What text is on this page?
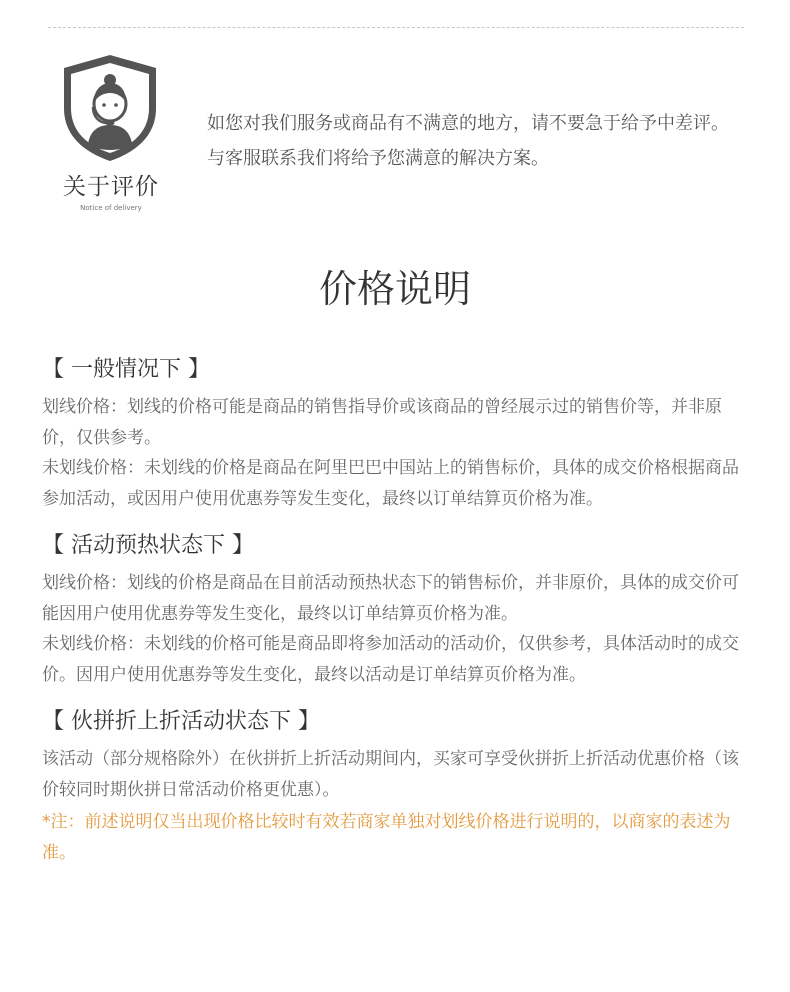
关于评价
Notice of delivery
如您对我们服务或商品有不满意的地方，请不要急于给予中差评。与客服联系我们将给予您满意的解决方案。
价格说明
【 一般情况下 】
划线价格：划线的价格可能是商品的销售指导价或该商品的曾经展示过的销售价等，并非原价，仅供参考。
未划线价格：未划线的价格是商品在阿里巴巴中国站上的销售标价，具体的成交价格根据商品参加活动，或因用户使用优惠券等发生变化，最终以订单结算页价格为准。
【 活动预热状态下 】
划线价格：划线的价格是商品在目前活动预热状态下的销售标价，并非原价，具体的成交价可能因用户使用优惠券等发生变化，最终以订单结算页价格为准。
未划线价格：未划线的价格可能是商品即将参加活动的活动价，仅供参考，具体活动时的成交价。因用户使用优惠券等发生变化，最终以活动是订单结算页价格为准。
【 伙拼折上折活动状态下 】
该活动（部分规格除外）在伙拼折上折活动期间内，买家可享受伙拼折上折活动优惠价格（该价较同时期伙拼日常活动价格更优惠）。
*注：前述说明仅当出现价格比较时有效若商家单独对划线价格进行说明的，以商家的表述为准。
